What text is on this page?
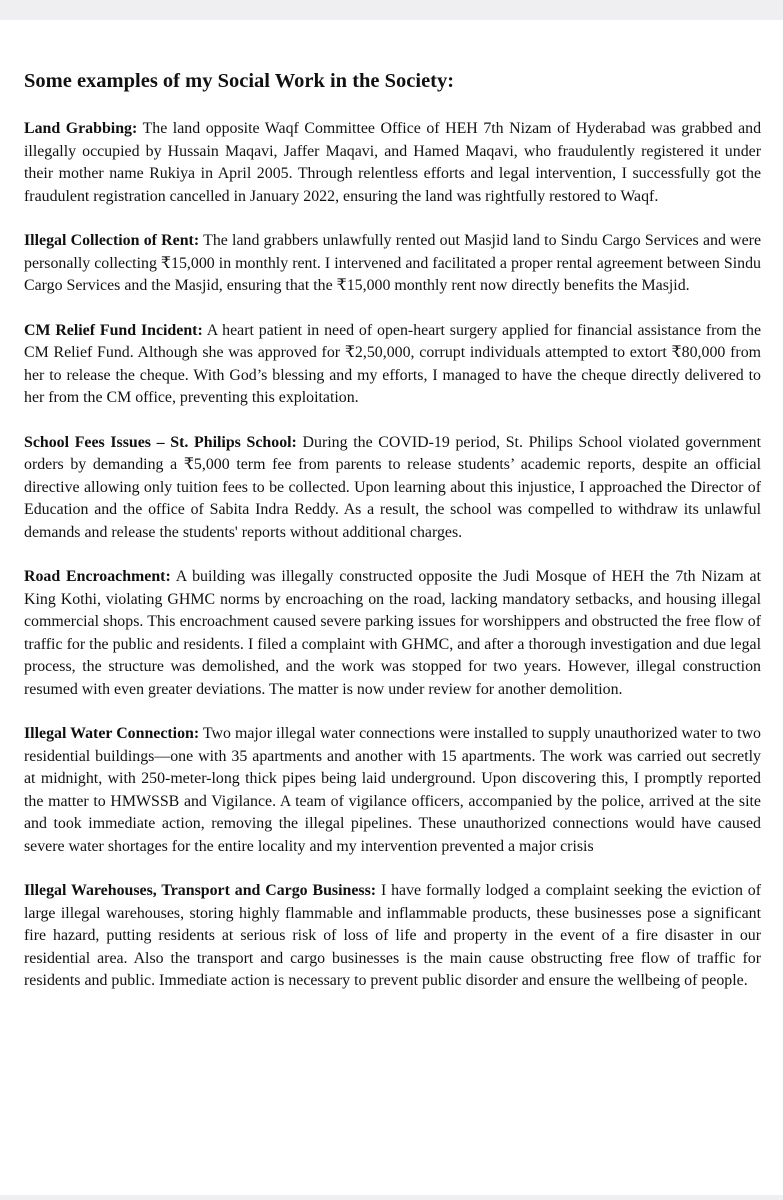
Some examples of my Social Work in the Society:

Land Grabbing: The land opposite Waqf Committee Office of HEH 7th Nizam of Hyderabad was grabbed and illegally occupied by Hussain Maqavi, Jaffer Maqavi, and Hamed Maqavi, who fraudulently registered it under their mother name Rukiya in April 2005. Through relentless efforts and legal intervention, I successfully got the fraudulent registration cancelled in January 2022, ensuring the land was rightfully restored to Waqf.

Illegal Collection of Rent: The land grabbers unlawfully rented out Masjid land to Sindu Cargo Services and were personally collecting ₹15,000 in monthly rent. I intervened and facilitated a proper rental agreement between Sindu Cargo Services and the Masjid, ensuring that the ₹15,000 monthly rent now directly benefits the Masjid.

CM Relief Fund Incident: A heart patient in need of open-heart surgery applied for financial assistance from the CM Relief Fund. Although she was approved for ₹2,50,000, corrupt individuals attempted to extort ₹80,000 from her to release the cheque. With God’s blessing and my efforts, I managed to have the cheque directly delivered to her from the CM office, preventing this exploitation.

School Fees Issues – St. Philips School: During the COVID-19 period, St. Philips School violated government orders by demanding a ₹5,000 term fee from parents to release students’ academic reports, despite an official directive allowing only tuition fees to be collected. Upon learning about this injustice, I approached the Director of Education and the office of Sabita Indra Reddy. As a result, the school was compelled to withdraw its unlawful demands and release the students' reports without additional charges.

Road Encroachment: A building was illegally constructed opposite the Judi Mosque of HEH the 7th Nizam at King Kothi, violating GHMC norms by encroaching on the road, lacking mandatory setbacks, and housing illegal commercial shops. This encroachment caused severe parking issues for worshippers and obstructed the free flow of traffic for the public and residents. I filed a complaint with GHMC, and after a thorough investigation and due legal process, the structure was demolished, and the work was stopped for two years. However, illegal construction resumed with even greater deviations. The matter is now under review for another demolition.

Illegal Water Connection: Two major illegal water connections were installed to supply unauthorized water to two residential buildings—one with 35 apartments and another with 15 apartments. The work was carried out secretly at midnight, with 250-meter-long thick pipes being laid underground. Upon discovering this, I promptly reported the matter to HMWSSB and Vigilance. A team of vigilance officers, accompanied by the police, arrived at the site and took immediate action, removing the illegal pipelines. These unauthorized connections would have caused severe water shortages for the entire locality and my intervention prevented a major crisis

Illegal Warehouses, Transport and Cargo Business: I have formally lodged a complaint seeking the eviction of large illegal warehouses, storing highly flammable and inflammable products, these businesses pose a significant fire hazard, putting residents at serious risk of loss of life and property in the event of a fire disaster in our residential area. Also the transport and cargo businesses is the main cause obstructing free flow of traffic for residents and public. Immediate action is necessary to prevent public disorder and ensure the wellbeing of people.
